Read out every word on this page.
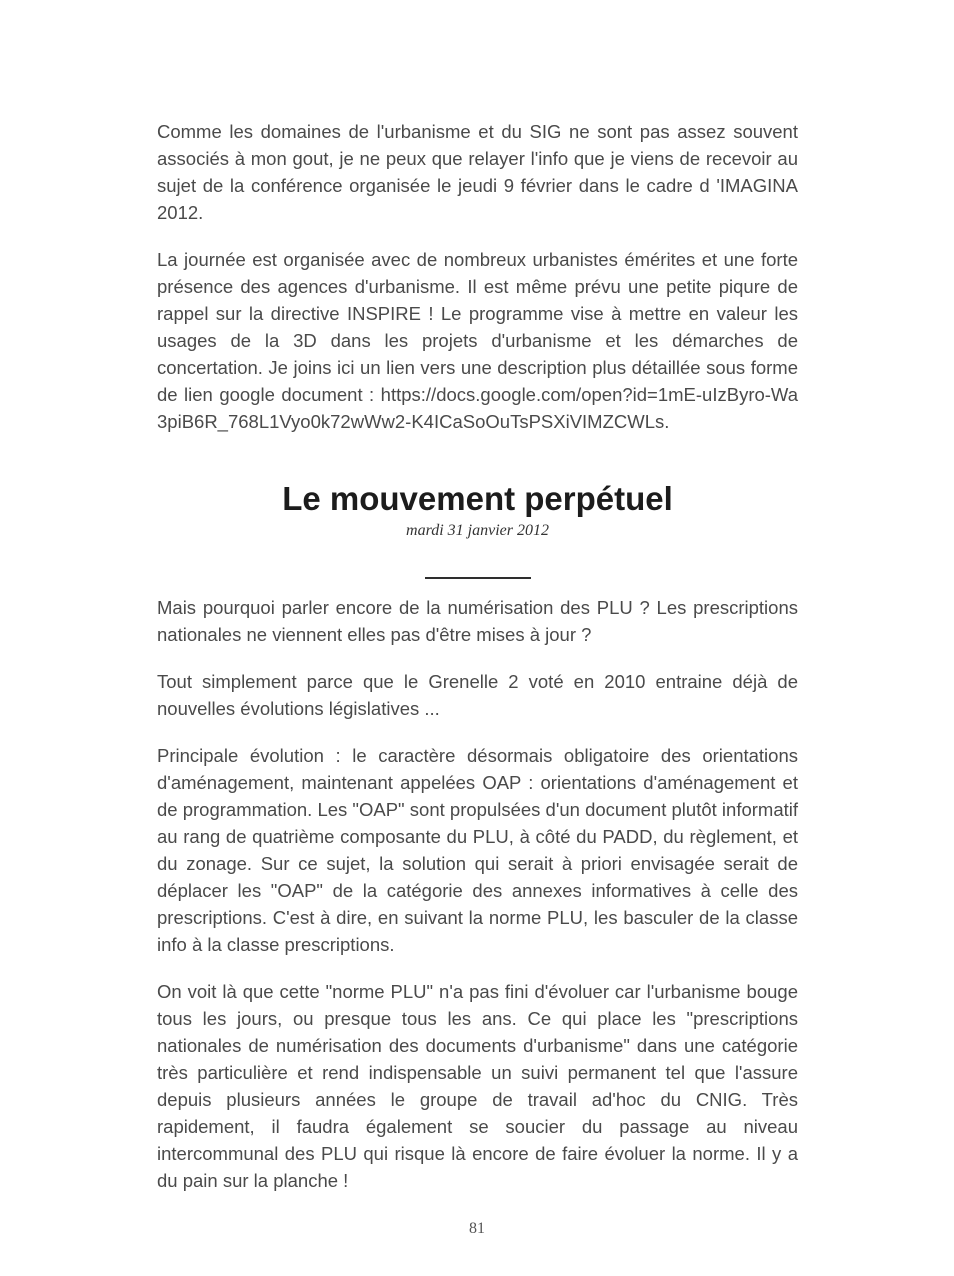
Comme les domaines de l'urbanisme et du SIG ne sont pas assez souvent associés à mon gout, je ne peux que relayer l'info que je viens de recevoir au sujet de la conférence organisée le jeudi 9 février dans le cadre d 'IMAGINA 2012.

La journée est organisée avec de nombreux urbanistes émérites et une forte présence des agences d'urbanisme. Il est même prévu une petite piqure de rappel sur la directive INSPIRE ! Le programme vise à mettre en valeur les usages de la 3D dans les projets d'urbanisme et les démarches de concertation. Je joins ici un lien vers une description plus détaillée sous forme de lien google document : https://docs.google.com/open?id=1mE-uIzByro-Wa3piB6R_768L1Vyo0k72wWw2-K4ICaSoOuTsPSXiVIMZCWLs.

Le mouvement perpétuel
mardi 31 janvier 2012

Mais pourquoi parler encore de la numérisation des PLU ? Les prescriptions nationales ne viennent elles pas d'être mises à jour ?

Tout simplement parce que le Grenelle 2 voté en 2010 entraine déjà de nouvelles évolutions législatives ...

Principale évolution : le caractère désormais obligatoire des orientations d'aménagement, maintenant appelées OAP : orientations d'aménagement et de programmation. Les "OAP" sont propulsées d'un document plutôt informatif au rang de quatrième composante du PLU, à côté du PADD, du règlement, et du zonage. Sur ce sujet, la solution qui serait à priori envisagée serait de déplacer les "OAP" de la catégorie des annexes informatives à celle des prescriptions. C'est à dire, en suivant la norme PLU, les basculer de la classe info à la classe prescriptions.

On voit là que cette "norme PLU" n'a pas fini d'évoluer car l'urbanisme bouge tous les jours, ou presque tous les ans. Ce qui place les "prescriptions nationales de numérisation des documents d'urbanisme" dans une catégorie très particulière et rend indispensable un suivi permanent tel que l'assure depuis plusieurs années le groupe de travail ad'hoc du CNIG. Très rapidement, il faudra également se soucier du passage au niveau intercommunal des PLU qui risque là encore de faire évoluer la norme. Il y a du pain sur la planche !

81
